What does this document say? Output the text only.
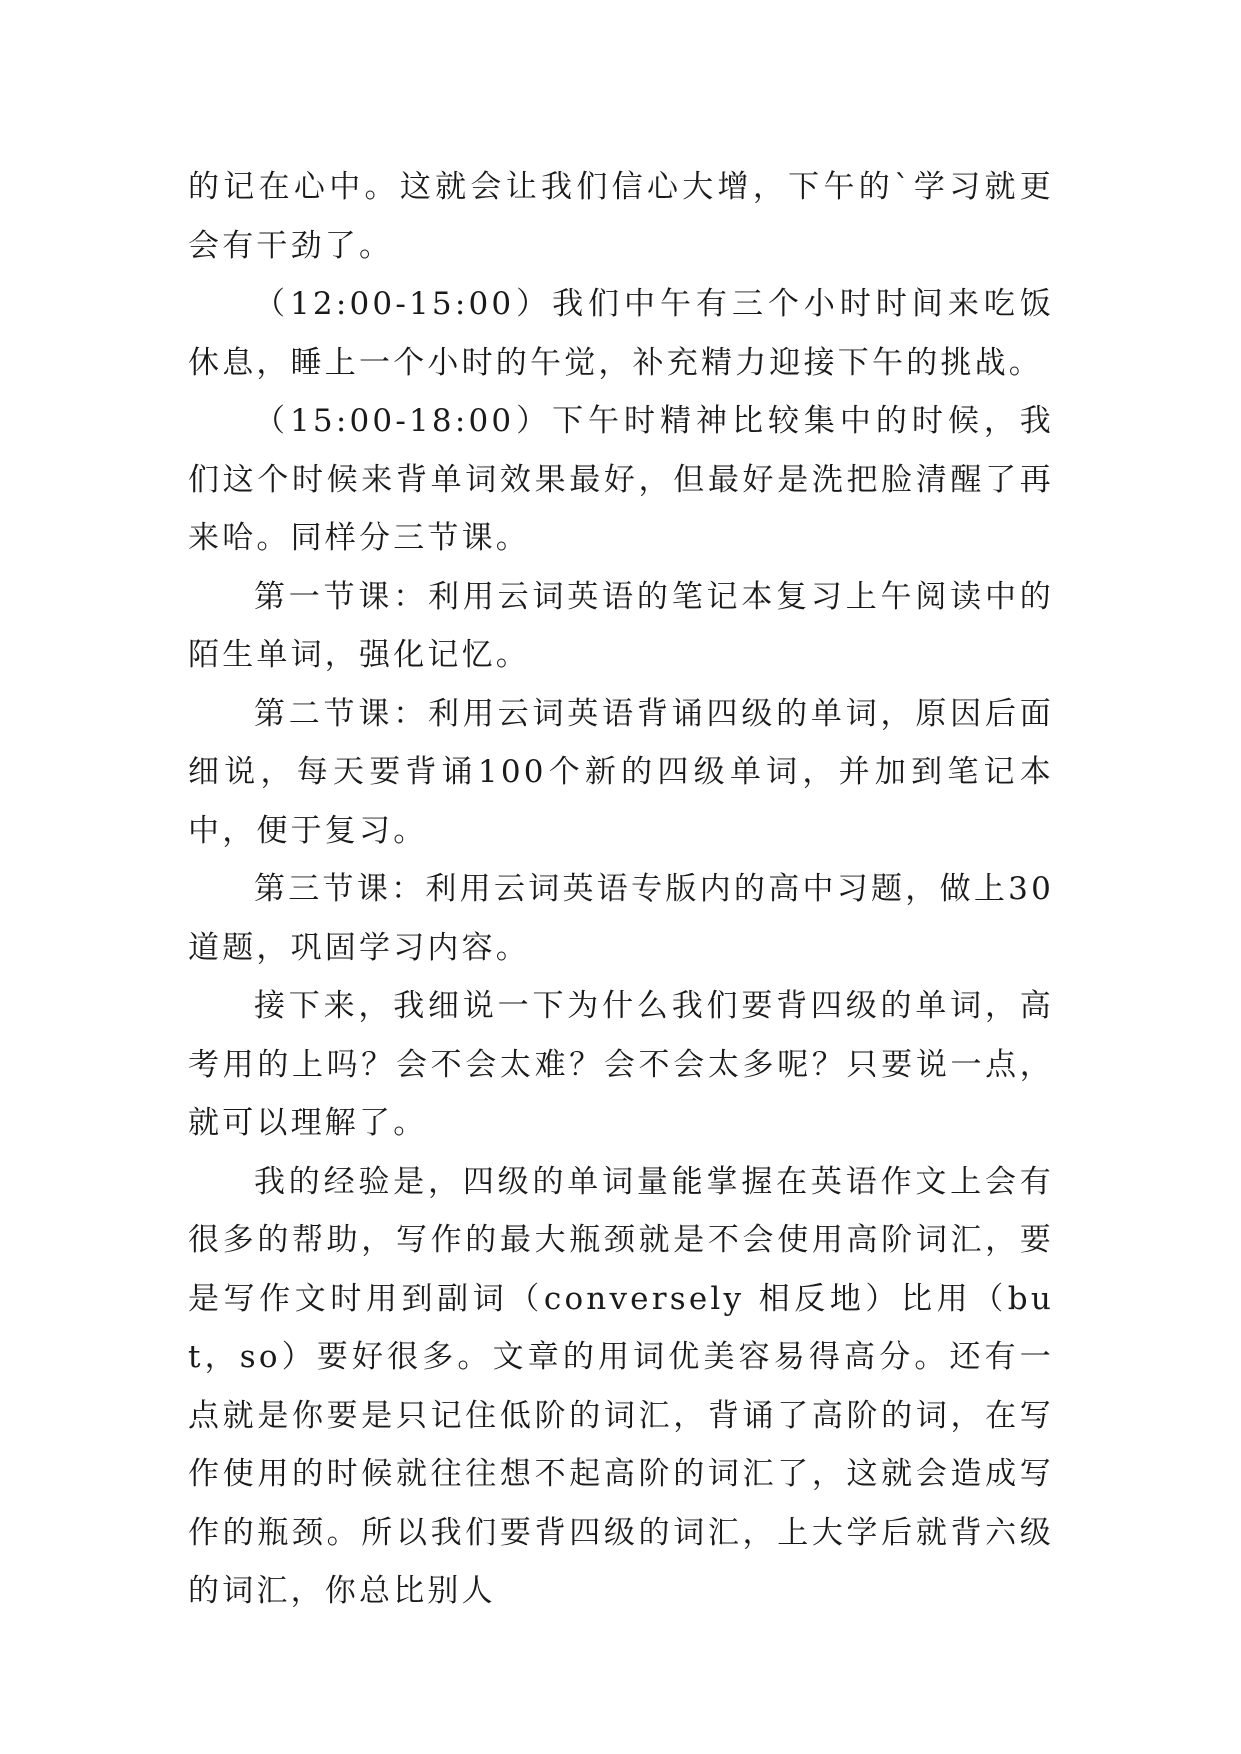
的记在心中。这就会让我们信心大增，下午的`学习就更会有干劲了。

（12:00-15:00）我们中午有三个小时时间来吃饭休息，睡上一个小时的午觉，补充精力迎接下午的挑战。

（15:00-18:00）下午时精神比较集中的时候，我们这个时候来背单词效果最好，但最好是洗把脸清醒了再来哈。同样分三节课。

第一节课：利用云词英语的笔记本复习上午阅读中的陌生单词，强化记忆。

第二节课：利用云词英语背诵四级的单词，原因后面细说，每天要背诵100个新的四级单词，并加到笔记本中，便于复习。

第三节课：利用云词英语专版内的高中习题，做上30道题，巩固学习内容。

接下来，我细说一下为什么我们要背四级的单词，高考用的上吗？会不会太难？会不会太多呢？只要说一点，就可以理解了。

我的经验是，四级的单词量能掌握在英语作文上会有很多的帮助，写作的最大瓶颈就是不会使用高阶词汇，要是写作文时用到副词（conversely 相反地）比用（but，so）要好很多。文章的用词优美容易得高分。还有一点就是你要是只记住低阶的词汇，背诵了高阶的词，在写作使用的时候就往往想不起高阶的词汇了，这就会造成写作的瓶颈。所以我们要背四级的词汇，上大学后就背六级的词汇，你总比别人
